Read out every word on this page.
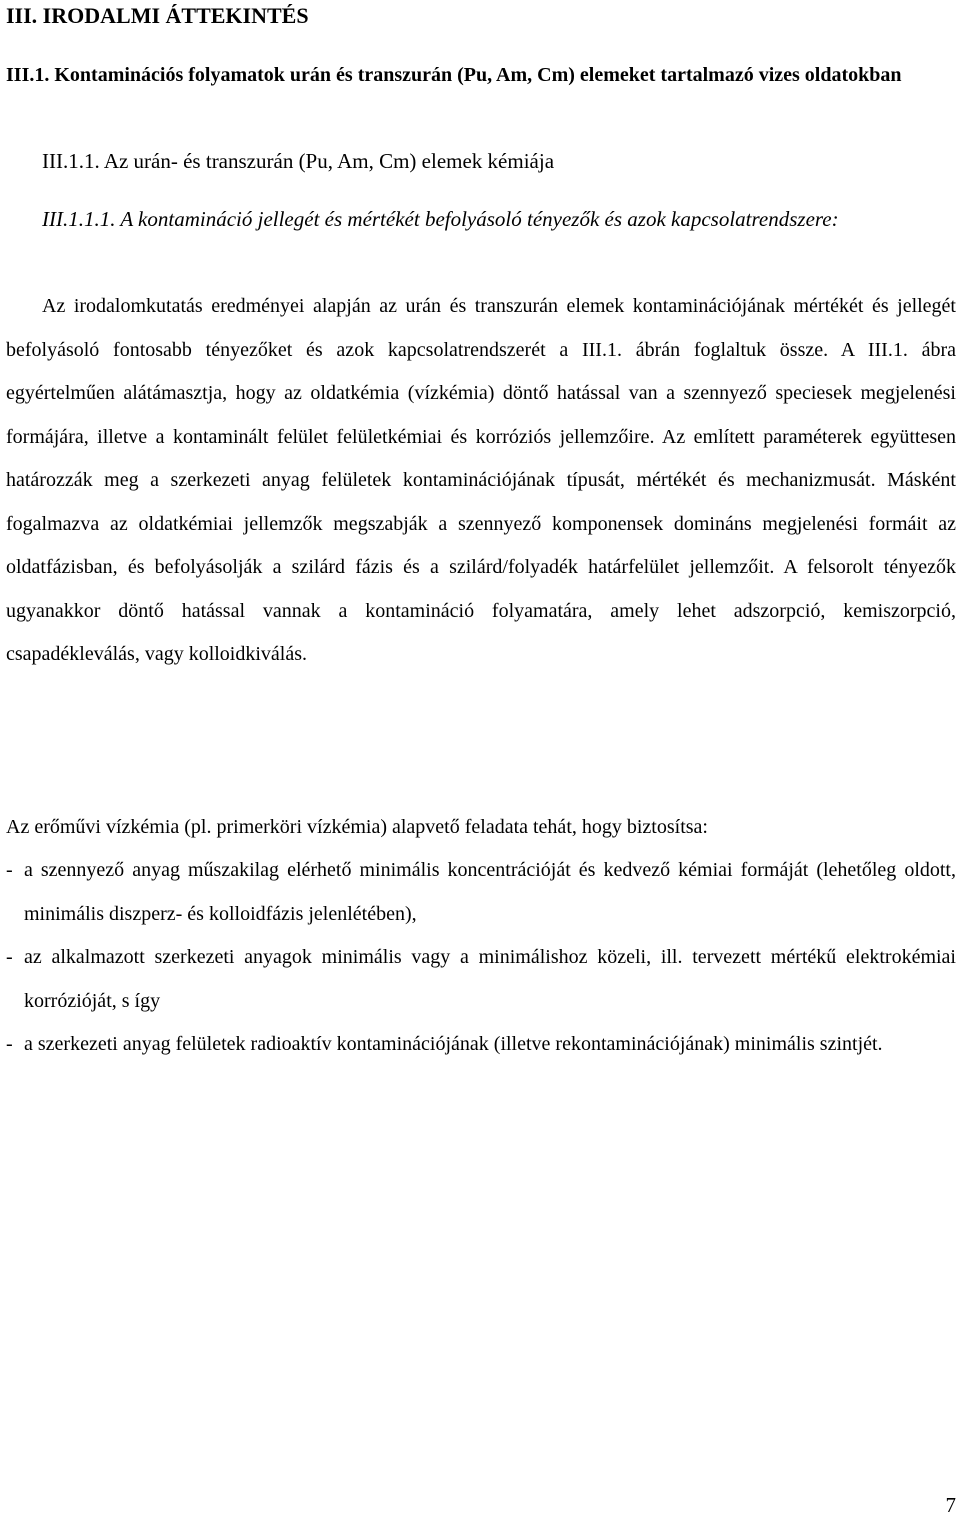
III. IRODALMI ÁTTEKINTÉS
III.1. Kontaminációs folyamatok urán és transzurán (Pu, Am, Cm) elemeket tartalmazó vizes oldatokban
III.1.1. Az urán- és transzurán (Pu, Am, Cm) elemek kémiája
III.1.1.1. A kontamináció jellegét és mértékét befolyásoló tényezők és azok kapcsolatrendszere:

Az irodalomkutatás eredményei alapján az urán és transzurán elemek kontaminációjának mértékét és jellegét befolyásoló fontosabb tényezőket és azok kapcsolatrendszerét a III.1. ábrán foglaltuk össze. A III.1. ábra egyértelműen alátámasztja, hogy az oldatkémia (vízkémia) döntő hatással van a szennyező speciesek megjelenési formájára, illetve a kontaminált felület felületkémiai és korróziós jellemzőire. Az említett paraméterek együttesen határozzák meg a szerkezeti anyag felületek kontaminációjának típusát, mértékét és mechanizmusát. Másként fogalmazva az oldatkémiai jellemzők megszabják a szennyező komponensek domináns megjelenési formáit az oldatfázisban, és befolyásolják a szilárd fázis és a szilárd/folyadék határfelület jellemzőit. A felsorolt tényezők ugyanakkor döntő hatással vannak a kontamináció folyamatára, amely lehet adszorpció, kemiszorpció, csapadékleválás, vagy kolloidkiválás.

Az erőművi vízkémia (pl. primerköri vízkémia) alapvető feladata tehát, hogy biztosítsa:

- a szennyező anyag műszakilag elérhető minimális koncentrációját és kedvező kémiai formáját (lehetőleg oldott, minimális diszperz- és kolloidfázis jelenlétében),
- az alkalmazott szerkezeti anyagok minimális vagy a minimálishoz közeli, ill. tervezett mértékű elektrokémiai korrózióját, s így
- a szerkezeti anyag felületek radioaktív kontaminációjának (illetve rekontaminációjának) minimális szintjét.
7
